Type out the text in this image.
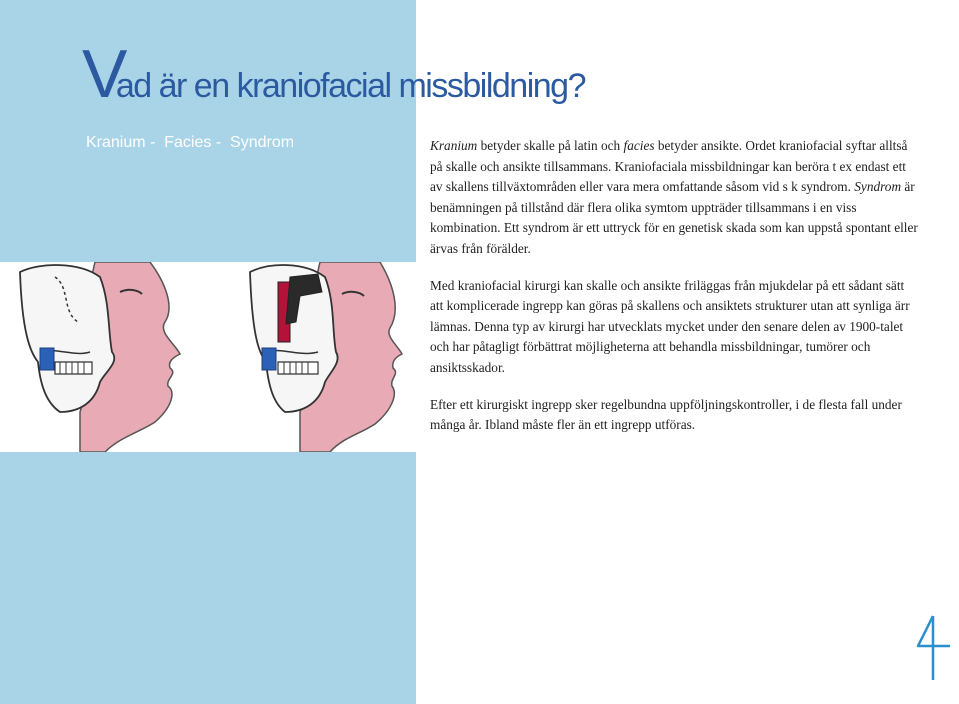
Vad är en kraniofacial missbildning?
Kranium -  Facies -  Syndrom	Kranium betyder skalle på latin och facies betyder ansikte. Ordet kraniofacial syftar alltså på skalle och ansikte tillsammans. Kraniofaciala missbildningar kan beröra t ex endast ett av skallens tillväxtområden eller vara mera omfattande såsom vid s k syndrom. Syndrom är benämningen på tillstånd där flera olika symtom uppträder tillsammans i en viss kombination. Ett syndrom är ett uttryck för en genetisk skada som kan uppstå spontant eller ärvas från förälder.

Med kraniofacial kirurgi kan skalle och ansikte friläggas från mjukdelar på ett sådant sätt att komplicerade ingrepp kan göras på skallens och ansiktets strukturer utan att synliga ärr lämnas. Denna typ av kirurgi har utvecklats mycket under den senare delen av 1900-talet och har påtagligt förbättrat möjligheterna att behandla missbildningar, tumörer och ansiktsskador.

Efter ett kirurgiskt ingrepp sker regelbundna uppföljningskontroller, i de flesta fall under många år. Ibland måste fler än ett ingrepp utföras.
